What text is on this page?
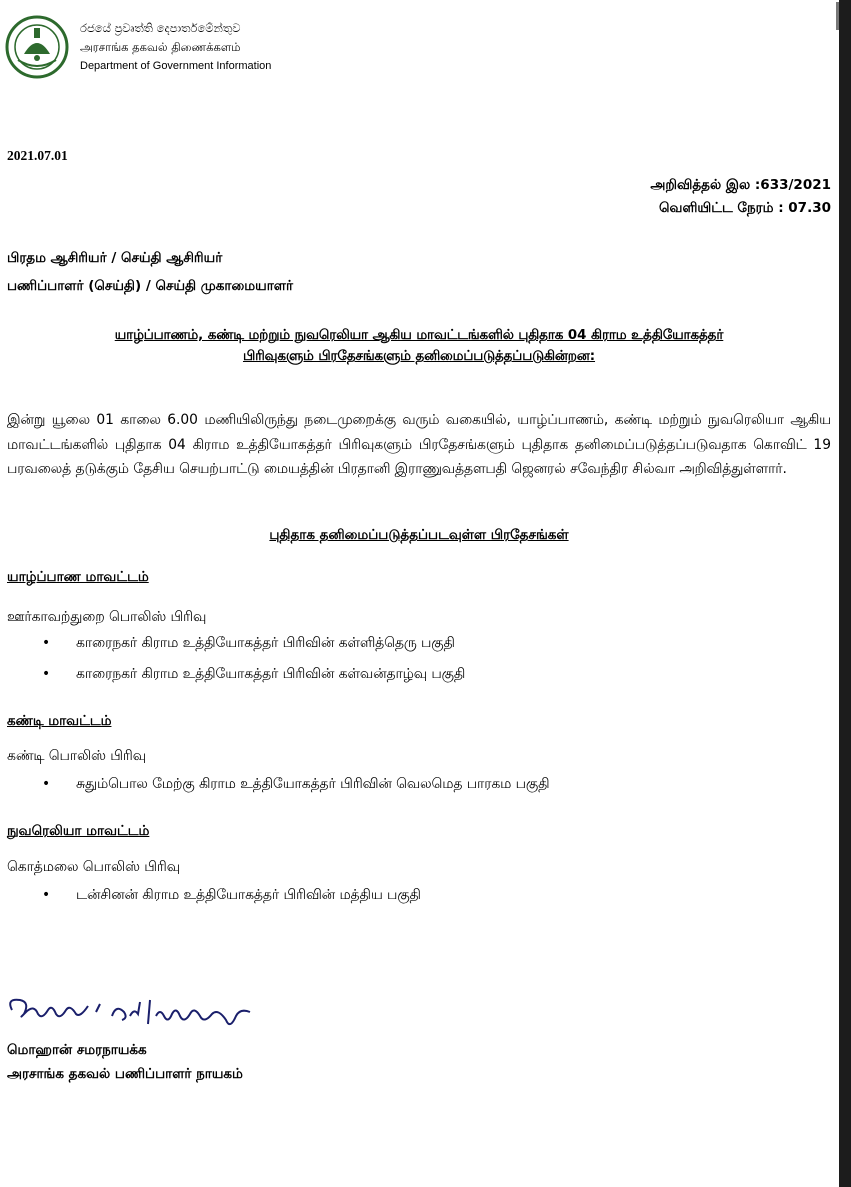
රජයේ ප්‍රවෘත්ති දෙපාර්තමේන්තුව
அரசாங்க தகவல் திணைக்களம்
Department of Government Information
2021.07.01
அறிவித்தல் இல :633/2021
வெளியிட்ட நேரம் : 07.30
பிரதம ஆசிரியர் / செய்தி ஆசிரியர்
பணிப்பாளர் (செய்தி) / செய்தி முகாமையாளர்
யாழ்ப்பாணம், கண்டி மற்றும் நுவரெலியா ஆகிய மாவட்டங்களில் புதிதாக 04 கிராம உத்தியோகத்தர்
பிரிவுகளும் பிரதேசங்களும் தனிமைப்படுத்தப்படுகின்றன:
இன்று யூலை 01 காலை 6.00 மணியிலிருந்து நடைமுறைக்கு வரும் வகையில், யாழ்ப்பாணம், கண்டி மற்றும் நுவரெலியா ஆகிய மாவட்டங்களில் புதிதாக 04 கிராம உத்தியோகத்தர் பிரிவுகளும் பிரதேசங்களும் புதிதாக தனிமைப்படுத்தப்படுவதாக கொவிட் 19 பரவலைத் தடுக்கும் தேசிய செயற்பாட்டு மையத்தின் பிரதானி இராணுவத்தளபதி ஜெனரல் சவேந்திர சில்வா அறிவித்துள்ளார்.
புதிதாக தனிமைப்படுத்தப்படவுள்ள பிரதேசங்கள்
யாழ்ப்பாண மாவட்டம்
ஊர்காவற்துறை பொலிஸ் பிரிவு
• காரைநகர் கிராம உத்தியோகத்தர் பிரிவின் கள்ளித்தெரு பகுதி
• காரைநகர் கிராம உத்தியோகத்தர் பிரிவின் கள்வன்தாழ்வு பகுதி
கண்டி மாவட்டம்
கண்டி பொலிஸ் பிரிவு
• சுதும்பொல மேற்கு கிராம உத்தியோகத்தர் பிரிவின் வெலமெத பாரகம பகுதி
நுவரெலியா மாவட்டம்
கொத்மலை பொலிஸ் பிரிவு
• டன்சினன் கிராம உத்தியோகத்தர் பிரிவின் மத்திய பகுதி
மொஹான் சமரநாயக்க
அரசாங்க தகவல் பணிப்பாளர் நாயகம்
